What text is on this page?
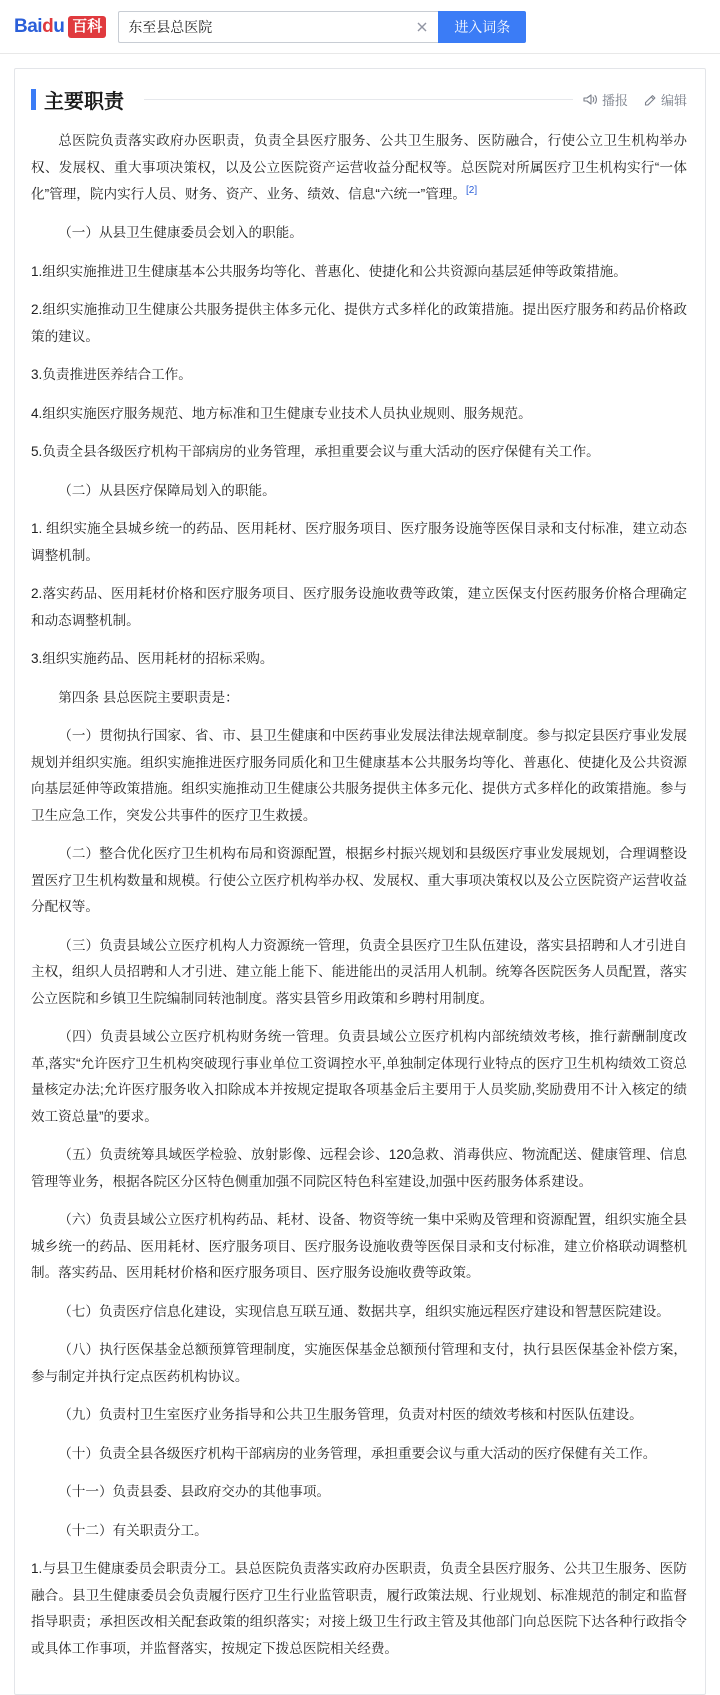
Baidu 百科
东至县总医院	进入词条
主要职责	播报	编辑

总医院负责落实政府办医职责，负责全县医疗服务、公共卫生服务、医防融合，行使公立卫生机构举办权、发展权、重大事项决策权，以及公立医院资产运营收益分配权等。总医院对所属医疗卫生机构实行“一体化”管理，院内实行人员、财务、资产、业务、绩效、信息“六统一”管理。[2]

（一）从县卫生健康委员会划入的职能。

1.组织实施推进卫生健康基本公共服务均等化、普惠化、使捷化和公共资源向基层延伸等政策措施。

2.组织实施推动卫生健康公共服务提供主体多元化、提供方式多样化的政策措施。提出医疗服务和药品价格政策的建议。

3.负责推进医养结合工作。

4.组织实施医疗服务规范、地方标准和卫生健康专业技术人员执业规则、服务规范。

5.负责全县各级医疗机构干部病房的业务管理，承担重要会议与重大活动的医疗保健有关工作。

（二）从县医疗保障局划入的职能。

1. 组织实施全县城乡统一的药品、医用耗材、医疗服务项目、医疗服务设施等医保目录和支付标准，建立动态调整机制。

2.落实药品、医用耗材价格和医疗服务项目、医疗服务设施收费等政策，建立医保支付医药服务价格合理确定和动态调整机制。

3.组织实施药品、医用耗材的招标采购。

第四条 县总医院主要职责是：

（一）贯彻执行国家、省、市、县卫生健康和中医药事业发展法律法规章制度。参与拟定县医疗事业发展规划并组织实施。组织实施推进医疗服务同质化和卫生健康基本公共服务均等化、普惠化、使捷化及公共资源向基层延伸等政策措施。组织实施推动卫生健康公共服务提供主体多元化、提供方式多样化的政策措施。参与卫生应急工作，突发公共事件的医疗卫生救援。

（二）整合优化医疗卫生机构布局和资源配置，根据乡村振兴规划和县级医疗事业发展规划，合理调整设置医疗卫生机构数量和规模。行使公立医疗机构举办权、发展权、重大事项决策权以及公立医院资产运营收益分配权等。

（三）负责县域公立医疗机构人力资源统一管理，负责全县医疗卫生队伍建设，落实县招聘和人才引进自主权，组织人员招聘和人才引进、建立能上能下、能进能出的灵活用人机制。统筹各医院医务人员配置，落实公立医院和乡镇卫生院编制同转池制度。落实县管乡用政策和乡聘村用制度。

（四）负责县域公立医疗机构财务统一管理。负责县域公立医疗机构内部统绩效考核，推行薪酬制度改革,落实“允许医疗卫生机构突破现行事业单位工资调控水平,单独制定体现行业特点的医疗卫生机构绩效工资总量核定办法;允许医疗服务收入扣除成本并按规定提取各项基金后主要用于人员奖励,奖励费用不计入核定的绩效工资总量”的要求。

（五）负责统筹具域医学检验、放射影像、远程会诊、120急救、消毒供应、物流配送、健康管理、信息管理等业务，根据各院区分区特色侧重加强不同院区特色科室建设,加强中医药服务体系建设。

（六）负责县域公立医疗机构药品、耗材、设备、物资等统一集中采购及管理和资源配置，组织实施全县城乡统一的药品、医用耗材、医疗服务项目、医疗服务设施收费等医保目录和支付标准，建立价格联动调整机制。落实药品、医用耗材价格和医疗服务项目、医疗服务设施收费等政策。

（七）负责医疗信息化建设，实现信息互联互通、数据共享，组织实施远程医疗建设和智慧医院建设。

（八）执行医保基金总额预算管理制度，实施医保基金总额预付管理和支付，执行县医保基金补偿方案，参与制定并执行定点医药机构协议。

（九）负责村卫生室医疗业务指导和公共卫生服务管理，负责对村医的绩效考核和村医队伍建设。

（十）负责全县各级医疗机构干部病房的业务管理，承担重要会议与重大活动的医疗保健有关工作。

（十一）负责县委、县政府交办的其他事项。

（十二）有关职责分工。

1.与县卫生健康委员会职责分工。县总医院负责落实政府办医职责，负责全县医疗服务、公共卫生服务、医防融合。县卫生健康委员会负责履行医疗卫生行业监管职责，履行政策法规、行业规划、标准规范的制定和监督指导职责；承担医改相关配套政策的组织落实；对接上级卫生行政主管及其他部门向总医院下达各种行政指令或具体工作事项，并监督落实，按规定下拨总医院相关经费。
